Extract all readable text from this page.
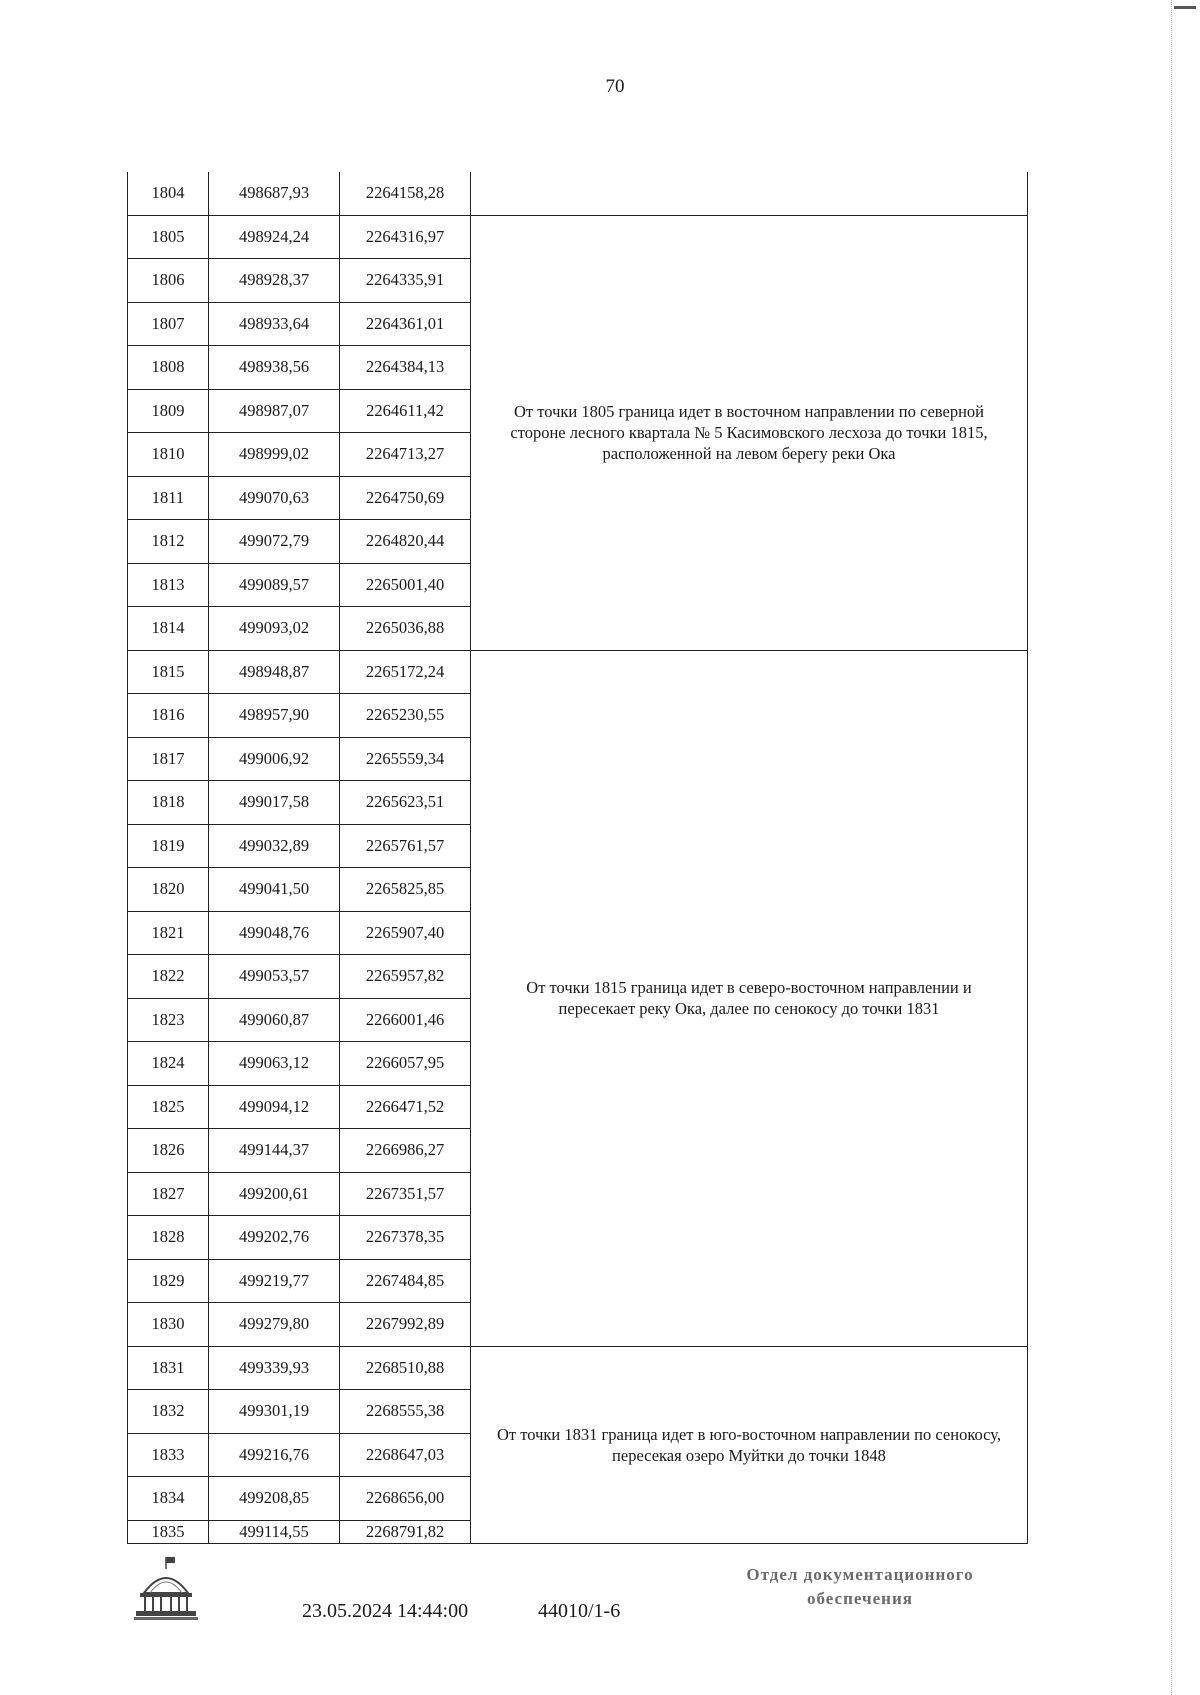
70
1804	498687,93	2264158,28	
1805	498924,24	2264316,97	От точки 1805 граница идет в восточном направлении по северной стороне лесного квартала № 5 Касимовского лесхоза до точки 1815, расположенной на левом берегу реки Ока
1806	498928,37	2264335,91	
1807	498933,64	2264361,01	
1808	498938,56	2264384,13	
1809	498987,07	2264611,42	
1810	498999,02	2264713,27	
1811	499070,63	2264750,69	
1812	499072,79	2264820,44	
1813	499089,57	2265001,40	
1814	499093,02	2265036,88	
1815	498948,87	2265172,24	От точки 1815 граница идет в северо-восточном направлении и пересекает реку Ока, далее по сенокосу до точки 1831
1816	498957,90	2265230,55	
1817	499006,92	2265559,34	
1818	499017,58	2265623,51	
1819	499032,89	2265761,57	
1820	499041,50	2265825,85	
1821	499048,76	2265907,40	
1822	499053,57	2265957,82	
1823	499060,87	2266001,46	
1824	499063,12	2266057,95	
1825	499094,12	2266471,52	
1826	499144,37	2266986,27	
1827	499200,61	2267351,57	
1828	499202,76	2267378,35	
1829	499219,77	2267484,85	
1830	499279,80	2267992,89	
1831	499339,93	2268510,88	От точки 1831 граница идет в юго-восточном направлении по сенокосу, пересекая озеро Муйтки до точки 1848
1832	499301,19	2268555,38	
1833	499216,76	2268647,03	
1834	499208,85	2268656,00	
1835	499114,55	2268791,82	
23.05.2024 14:44:00	44010/1-6
Отдел документационного
обеспечения
